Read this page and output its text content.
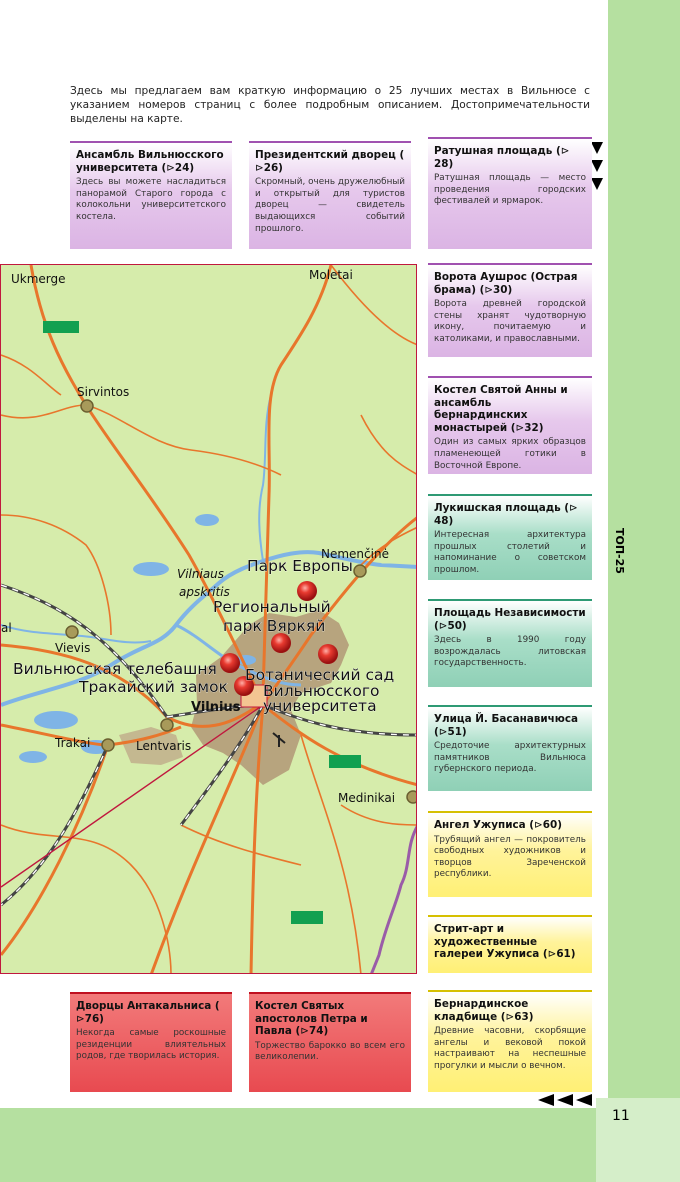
ТОП-25
11
Здесь мы предлагаем вам краткую информацию о 25 лучших местах в Вильнюсе с указанием номеров страниц с более подробным описанием. Достопримечательности выделены на карте.
Ансамбль Вильнюсского университета (⊳24)
Здесь вы можете насладиться панорамой Старого города с колокольни университетского костела.
Президентский дворец (⊳26)
Скромный, очень дружелюбный и открытый для туристов дворец — свидетель выдающихся событий прошлого.
Ратушная площадь (⊳28)
Ратушная площадь — место проведения городских фестивалей и ярмарок.
Ворота Аушрос (Острая брама) (⊳30)
Ворота древней городской стены хранят чудотворную икону, почитаемую и католиками, и православными.
Костел Святой Анны и ансамбль бернардинских монастырей (⊳32)
Один из самых ярких образцов пламенеющей готики в Восточной Европе.
Лукишская площадь (⊳48)
Интересная архитектура прошлых столетий и напоминание о советском прошлом.
Площадь Независимости (⊳50)
Здесь в 1990 году возрождалась литовская государственность.
Улица Й. Басанавичюса (⊳51)
Средоточие архитектурных памятников Вильнюса губернского периода.
Ангел Ужуписа (⊳60)
Трубящий ангел — покровитель свободных художников и творцов Зареченской республики.
Стрит-арт и художественные галереи Ужуписа (⊳61)
Дворцы Антакальниса (⊳76)
Некогда самые роскошные резиденции влиятельных родов, где творилась история.
Костел Святых апостолов Петра и Павла (⊳74)
Торжество барокко во всем его великолепии.
Бернардинское кладбище (⊳63)
Древние часовни, скорбящие ангелы и вековой покой настраивают на неспешные прогулки и мысли о вечном.
Ukmerge	Moletai
Sirvintos
Nemenčinė
Vilniaus
apskritis
al
Vievis
Trakai	Lentvaris
Vilnius
Medinikai
Парк Европы
Региональный
парк Вяркяй
Вильнюсская телебашня
Тракайский замок
Ботанический сад
Вильнюсского
университета
